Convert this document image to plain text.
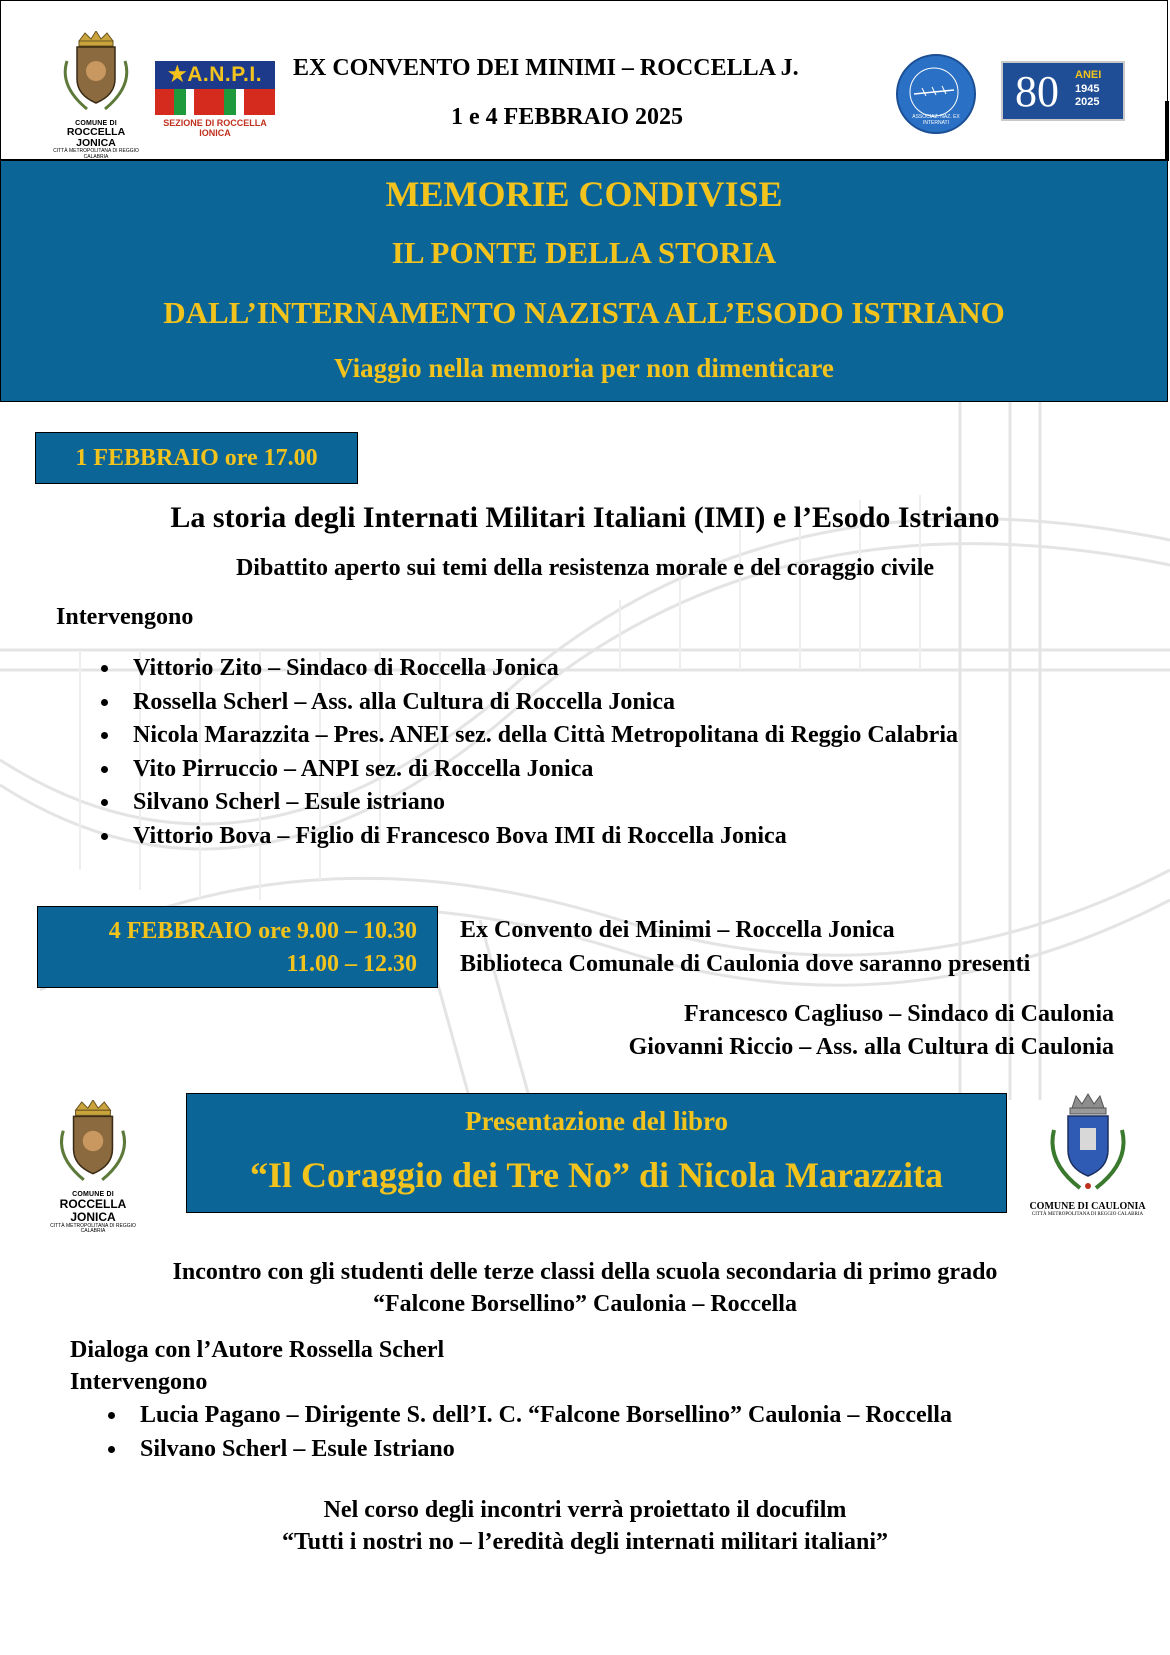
COMUNE DI
ROCCELLA JONICA
CITTÀ METROPOLITANA DI REGGIO CALABRIA
★A.N.P.I.
SEZIONE DI ROCCELLA IONICA
EX CONVENTO DEI MINIMI – ROCCELLA J.
1 e 4 FEBBRAIO 2025	ASSOCIAZ. NAZ. EX INTERNATI
80 ANEI
1945 2025
MEMORIE CONDIVISE
IL PONTE DELLA STORIA
DALL’INTERNAMENTO NAZISTA ALL’ESODO ISTRIANO
Viaggio nella memoria per non dimenticare
1 FEBBRAIO ore 17.00
La storia degli Internati Militari Italiani (IMI) e l’Esodo Istriano
Dibattito aperto sui temi della resistenza morale e del coraggio civile
Intervengono
Vittorio Zito – Sindaco di Roccella Jonica
Rossella Scherl – Ass. alla Cultura di Roccella Jonica
Nicola Marazzita – Pres. ANEI sez. della Città Metropolitana di Reggio Calabria
Vito Pirruccio – ANPI sez. di Roccella Jonica
Silvano Scherl – Esule istriano
Vittorio Bova – Figlio di Francesco Bova IMI di Roccella Jonica
4 FEBBRAIO ore 9.00 – 10.30
11.00 – 12.30
Ex Convento dei Minimi – Roccella Jonica
Biblioteca Comunale di Caulonia dove saranno presenti
Francesco Cagliuso – Sindaco di Caulonia
Giovanni Riccio – Ass. alla Cultura di Caulonia
COMUNE DI
ROCCELLA JONICA
CITTÀ METROPOLITANA DI REGGIO CALABRIA
Presentazione del libro
“Il Coraggio dei Tre No” di Nicola Marazzita
COMUNE DI CAULONIA
CITTÀ METROPOLITANA DI REGGIO CALABRIA
Incontro con gli studenti delle terze classi della scuola secondaria di primo grado
“Falcone Borsellino” Caulonia – Roccella
Dialoga con l’Autore Rossella Scherl
Intervengono
Lucia Pagano – Dirigente S. dell’I. C. “Falcone Borsellino” Caulonia – Roccella
Silvano Scherl – Esule Istriano
Nel corso degli incontri verrà proiettato il docufilm
“Tutti i nostri no – l’eredità degli internati militari italiani”
